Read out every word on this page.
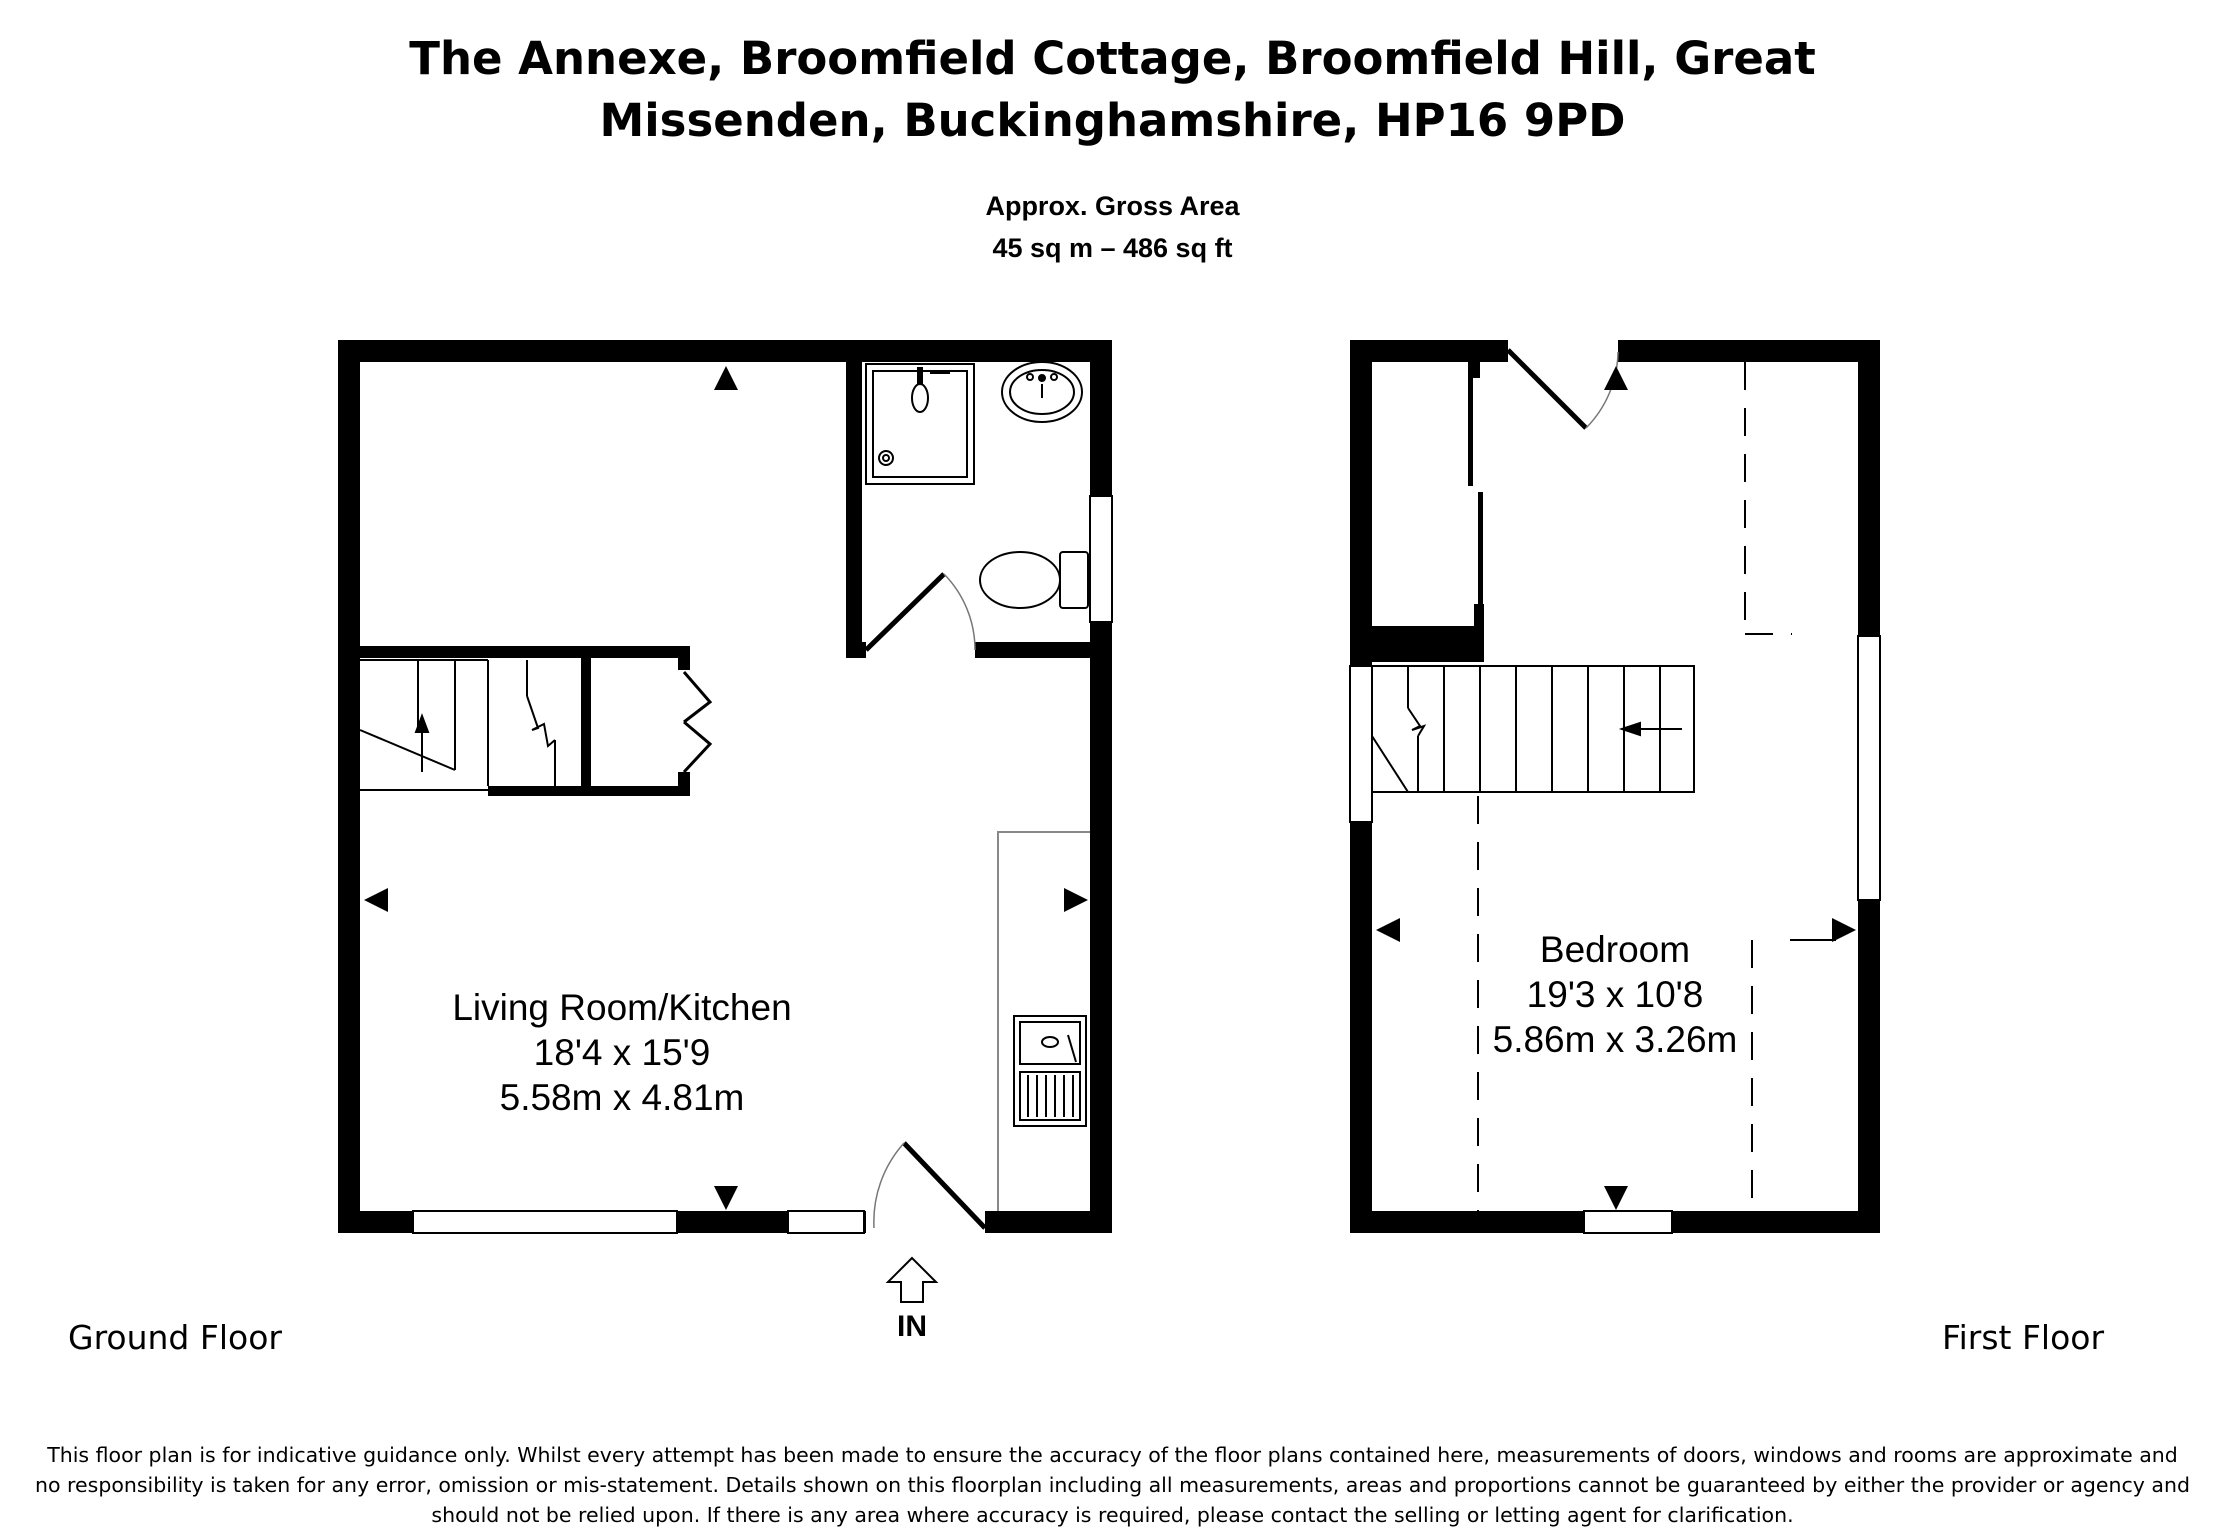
The Annexe, Broomfield Cottage, Broomfield Hill, Great
Missenden, Buckinghamshire, HP16 9PD
Approx. Gross Area
45 sq m – 486 sq ft
IN
Living Room/Kitchen
18'4 x 15'9
5.58m x 4.81m
Bedroom
19'3 x 10'8
5.86m x 3.26m
Ground Floor	First Floor
This floor plan is for indicative guidance only. Whilst every attempt has been made to ensure the accuracy of the floor plans contained here, measurements of doors, windows and rooms are approximate and
no responsibility is taken for any error, omission or mis-statement. Details shown on this floorplan including all measurements, areas and proportions cannot be guaranteed by either the provider or agency and
should not be relied upon. If there is any area where accuracy is required, please contact the selling or letting agent for clarification.
